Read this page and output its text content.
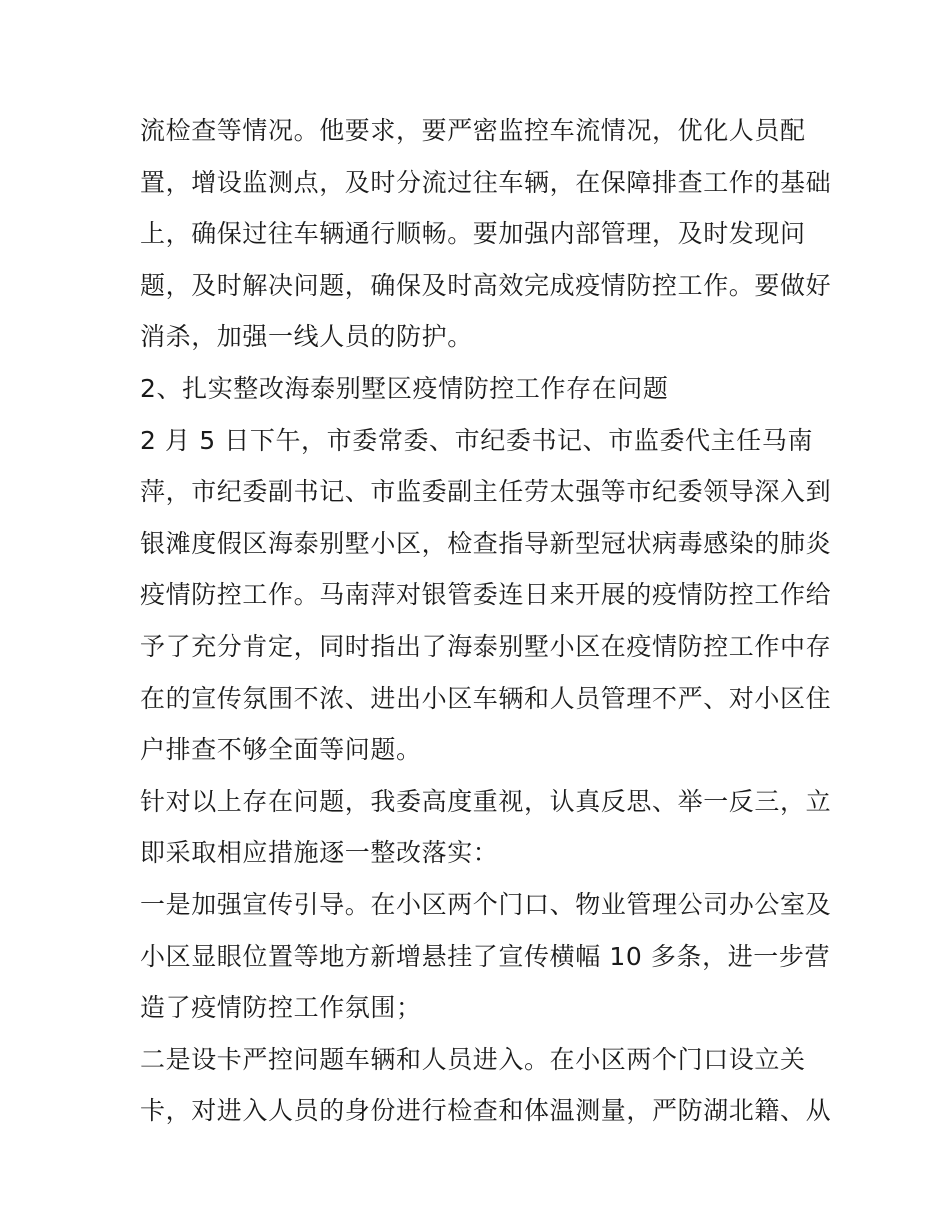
流检查等情况。他要求，要严密监控车流情况，优化人员配
置，增设监测点，及时分流过往车辆，在保障排查工作的基础
上，确保过往车辆通行顺畅。要加强内部管理，及时发现问
题，及时解决问题，确保及时高效完成疫情防控工作。要做好
消杀，加强一线人员的防护。
2、扎实整改海泰别墅区疫情防控工作存在问题
2 月 5 日下午，市委常委、市纪委书记、市监委代主任马南
萍，市纪委副书记、市监委副主任劳太强等市纪委领导深入到
银滩度假区海泰别墅小区，检查指导新型冠状病毒感染的肺炎
疫情防控工作。马南萍对银管委连日来开展的疫情防控工作给
予了充分肯定，同时指出了海泰别墅小区在疫情防控工作中存
在的宣传氛围不浓、进出小区车辆和人员管理不严、对小区住
户排查不够全面等问题。
针对以上存在问题，我委高度重视，认真反思、举一反三，立
即采取相应措施逐一整改落实：
一是加强宣传引导。在小区两个门口、物业管理公司办公室及
小区显眼位置等地方新增悬挂了宣传横幅 10 多条，进一步营
造了疫情防控工作氛围；
二是设卡严控问题车辆和人员进入。在小区两个门口设立关
卡，对进入人员的身份进行检查和体温测量，严防湖北籍、从
